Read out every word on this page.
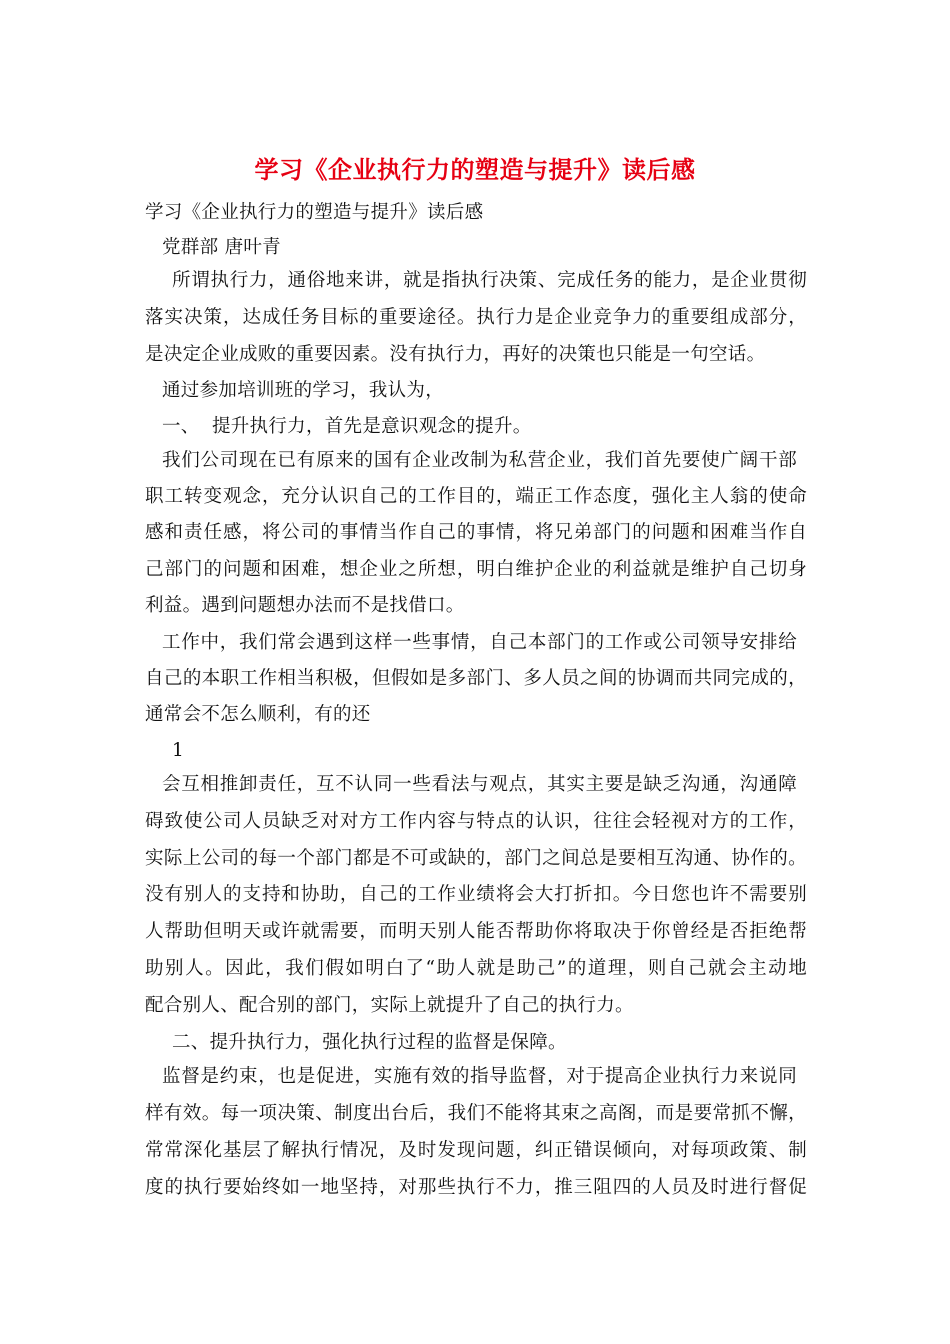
学习《企业执行力的塑造与提升》读后感
学习《企业执行力的塑造与提升》读后感
党群部 唐叶青
所谓执行力，通俗地来讲，就是指执行决策、完成任务的能力，是企业贯彻
落实决策，达成任务目标的重要途径。执行力是企业竞争力的重要组成部分，
是决定企业成败的重要因素。没有执行力，再好的决策也只能是一句空话。
通过参加培训班的学习，我认为，
一、  提升执行力，首先是意识观念的提升。
我们公司现在已有原来的国有企业改制为私营企业，我们首先要使广阔干部
职工转变观念，充分认识自己的工作目的，端正工作态度，强化主人翁的使命
感和责任感，将公司的事情当作自己的事情，将兄弟部门的问题和困难当作自
己部门的问题和困难，想企业之所想，明白维护企业的利益就是维护自己切身
利益。遇到问题想办法而不是找借口。
工作中，我们常会遇到这样一些事情，自己本部门的工作或公司领导安排给
自己的本职工作相当积极，但假如是多部门、多人员之间的协调而共同完成的，
通常会不怎么顺利，有的还
1
会互相推卸责任，互不认同一些看法与观点，其实主要是缺乏沟通，沟通障
碍致使公司人员缺乏对对方工作内容与特点的认识，往往会轻视对方的工作，
实际上公司的每一个部门都是不可或缺的，部门之间总是要相互沟通、协作的。
没有别人的支持和协助，自己的工作业绩将会大打折扣。今日您也许不需要别
人帮助但明天或许就需要，而明天别人能否帮助你将取决于你曾经是否拒绝帮
助别人。因此，我们假如明白了“助人就是助己”的道理，则自己就会主动地
配合别人、配合别的部门，实际上就提升了自己的执行力。
二、提升执行力，强化执行过程的监督是保障。
监督是约束，也是促进，实施有效的指导监督，对于提高企业执行力来说同
样有效。每一项决策、制度出台后，我们不能将其束之高阁，而是要常抓不懈，
常常深化基层了解执行情况，及时发现问题，纠正错误倾向，对每项政策、制
度的执行要始终如一地坚持，对那些执行不力，推三阻四的人员及时进行督促
